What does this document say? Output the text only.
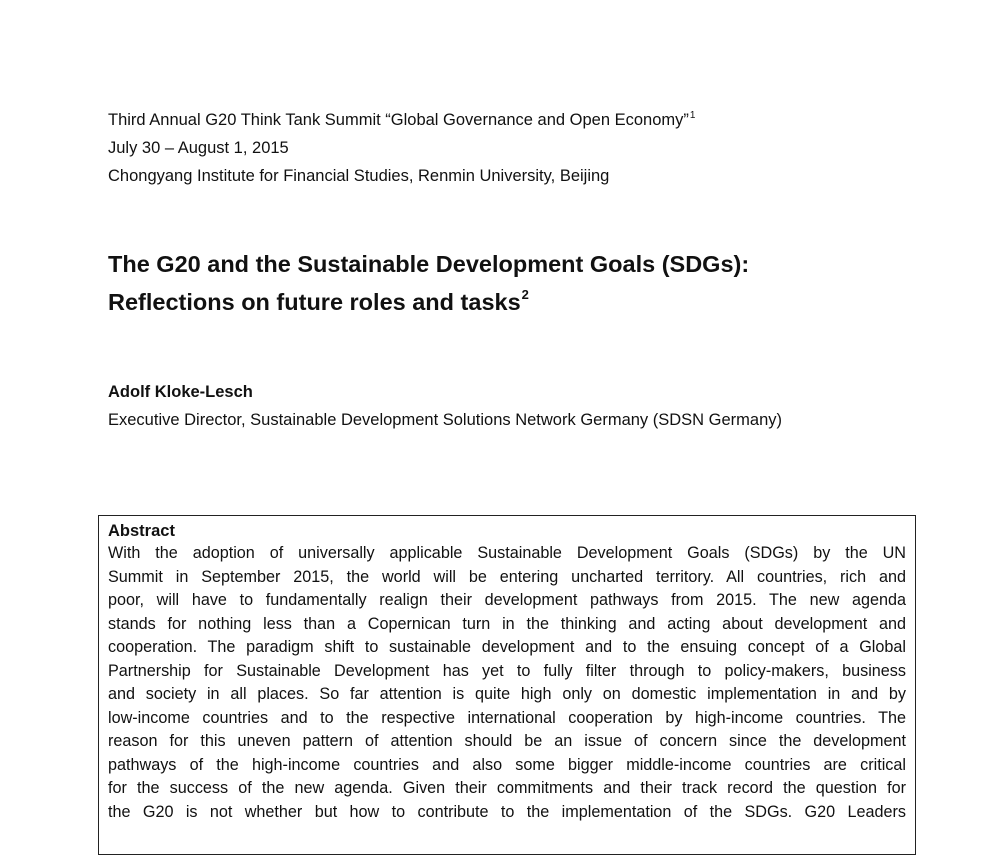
Third Annual G20 Think Tank Summit “Global Governance and Open Economy”$^1$
July 30 – August 1, 2015
Chongyang Institute for Financial Studies, Renmin University, Beijing
The G20 and the Sustainable Development Goals (SDGs):
Reflections on future roles and tasks$^2$
Adolf Kloke-Lesch
Executive Director, Sustainable Development Solutions Network Germany (SDSN Germany)
Abstract
With the adoption of universally applicable Sustainable Development Goals (SDGs) by the UN
Summit in September 2015, the world will be entering uncharted territory. All countries, rich and
poor, will have to fundamentally realign their development pathways from 2015. The new agenda
stands for nothing less than a Copernican turn in the thinking and acting about development and
cooperation. The paradigm shift to sustainable development and to the ensuing concept of a Global
Partnership for Sustainable Development has yet to fully filter through to policy-makers, business
and society in all places. So far attention is quite high only on domestic implementation in and by
low-income countries and to the respective international cooperation by high-income countries. The
reason for this uneven pattern of attention should be an issue of concern since the development
pathways of the high-income countries and also some bigger middle-income countries are critical
for the success of the new agenda. Given their commitments and their track record the question for
the G20 is not whether but how to contribute to the implementation of the SDGs. G20 Leaders
